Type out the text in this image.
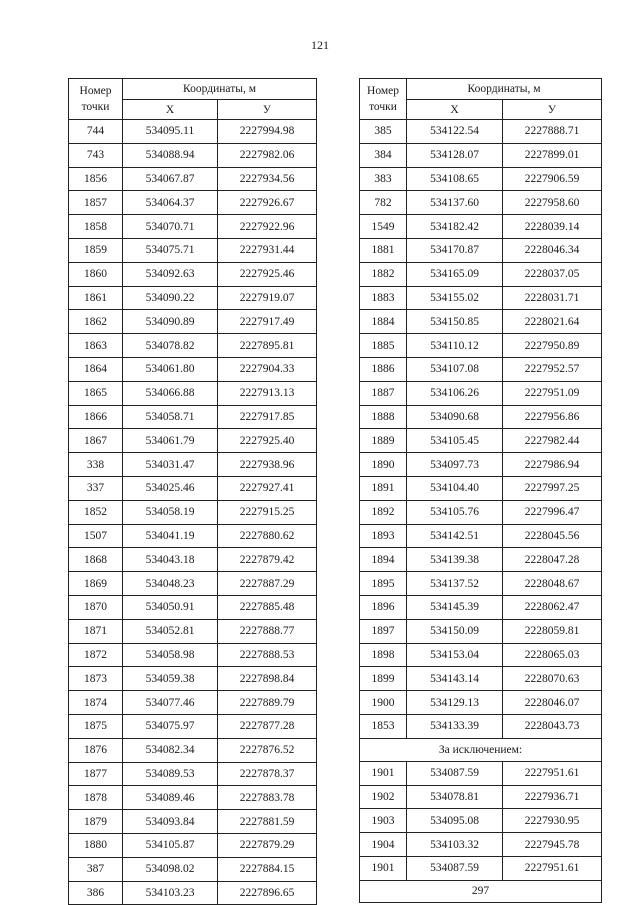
121
Номер
точки	Координаты, м	
	X	У
744	534095.11	2227994.98
743	534088.94	2227982.06
1856	534067.87	2227934.56
1857	534064.37	2227926.67
1858	534070.71	2227922.96
1859	534075.71	2227931.44
1860	534092.63	2227925.46
1861	534090.22	2227919.07
1862	534090.89	2227917.49
1863	534078.82	2227895.81
1864	534061.80	2227904.33
1865	534066.88	2227913.13
1866	534058.71	2227917.85
1867	534061.79	2227925.40
338	534031.47	2227938.96
337	534025.46	2227927.41
1852	534058.19	2227915.25
1507	534041.19	2227880.62
1868	534043.18	2227879.42
1869	534048.23	2227887.29
1870	534050.91	2227885.48
1871	534052.81	2227888.77
1872	534058.98	2227888.53
1873	534059.38	2227898.84
1874	534077.46	2227889.79
1875	534075.97	2227877.28
1876	534082.34	2227876.52
1877	534089.53	2227878.37
1878	534089.46	2227883.78
1879	534093.84	2227881.59
1880	534105.87	2227879.29
387	534098.02	2227884.15
386	534103.23	2227896.65
Номер
точки	Координаты, м	
	X	У
385	534122.54	2227888.71
384	534128.07	2227899.01
383	534108.65	2227906.59
782	534137.60	2227958.60
1549	534182.42	2228039.14
1881	534170.87	2228046.34
1882	534165.09	2228037.05
1883	534155.02	2228031.71
1884	534150.85	2228021.64
1885	534110.12	2227950.89
1886	534107.08	2227952.57
1887	534106.26	2227951.09
1888	534090.68	2227956.86
1889	534105.45	2227982.44
1890	534097.73	2227986.94
1891	534104.40	2227997.25
1892	534105.76	2227996.47
1893	534142.51	2228045.56
1894	534139.38	2228047.28
1895	534137.52	2228048.67
1896	534145.39	2228062.47
1897	534150.09	2228059.81
1898	534153.04	2228065.03
1899	534143.14	2228070.63
1900	534129.13	2228046.07
1853	534133.39	2228043.73
За исключением:		
1901	534087.59	2227951.61
1902	534078.81	2227936.71
1903	534095.08	2227930.95
1904	534103.32	2227945.78
1901	534087.59	2227951.61
297		
